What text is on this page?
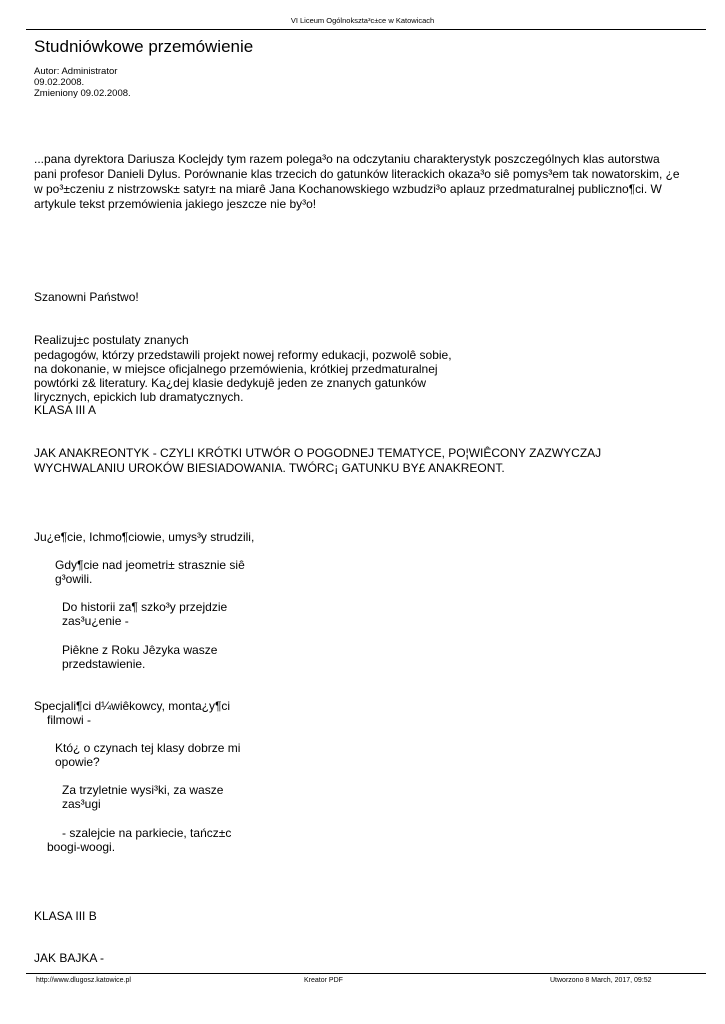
VI Liceum Ogólnokszta³c±ce w Katowicach
Studniówkowe przemówienie
Autor: Administrator
09.02.2008.
Zmieniony 09.02.2008.
...pana dyrektora Dariusza Koclejdy tym razem polega³o na odczytaniu charakterystyk poszczególnych klas autorstwa
pani profesor Danieli Dylus. Porównanie klas trzecich do gatunków literackich okaza³o siê pomys³em tak nowatorskim, ¿e
w po³±czeniu z nistrzowsk± satyr± na miarê Jana Kochanowskiego wzbudzi³o aplauz przedmaturalnej publiczno¶ci. W
artykule tekst przemówienia jakiego jeszcze nie by³o!
Szanowni Państwo!
Realizuj±c postulaty znanych
pedagogów, którzy przedstawili projekt nowej reformy edukacji, pozwolê sobie,
na dokonanie, w miejsce oficjalnego przemówienia, krótkiej przedmaturalnej
powtórki z& literatury. Ka¿dej klasie dedykujê jeden ze znanych gatunków
lirycznych, epickich lub dramatycznych.
KLASA III A
JAK ANAKREONTYK - CZYLI KRÓTKI UTWÓR O POGODNEJ TEMATYCE, PO¦WIÊCONY ZAZWYCZAJ
WYCHWALANIU UROKÓW BIESIADOWANIA. TWÓRC¡ GATUNKU BY£ ANAKREONT.
Ju¿e¶cie, Ichmo¶ciowie, umys³y strudzili,
Gdy¶cie nad jeometri± strasznie siê
g³owili.
Do historii za¶ szko³y przejdzie
zas³u¿enie -
Piêkne z Roku Jêzyka wasze
przedstawienie.
Specjali¶ci d¼wiêkowcy, monta¿y¶ci
filmowi -
Któ¿ o czynach tej klasy dobrze mi
opowie?
Za trzyletnie wysi³ki, za wasze
zas³ugi
- szalejcie na parkiecie, tańcz±c
boogi-woogi.
KLASA III B
JAK BAJKA -
http://www.dlugosz.katowice.pl	Kreator PDF	Utworzono 8 March, 2017, 09:52
